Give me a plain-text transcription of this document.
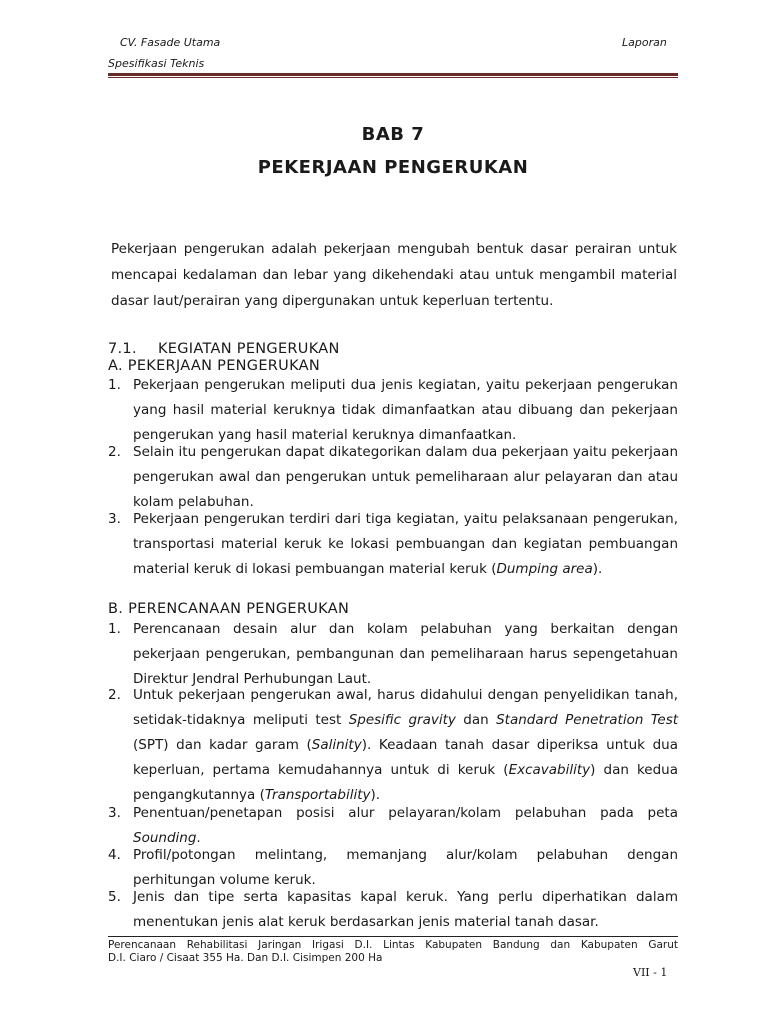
CV. Fasade Utama	Laporan
Spesifikasi Teknis
BAB 7
PEKERJAAN PENGERUKAN
Pekerjaan pengerukan adalah pekerjaan mengubah bentuk dasar perairan untuk mencapai kedalaman dan lebar yang dikehendaki atau untuk mengambil material dasar laut/perairan yang dipergunakan untuk keperluan tertentu.
7.1. KEGIATAN PENGERUKAN
A. PEKERJAAN PENGERUKAN
1. Pekerjaan pengerukan meliputi dua jenis kegiatan, yaitu pekerjaan pengerukan yang hasil material keruknya tidak dimanfaatkan atau dibuang dan pekerjaan pengerukan yang hasil material keruknya dimanfaatkan.
2. Selain itu pengerukan dapat dikategorikan dalam dua pekerjaan yaitu pekerjaan pengerukan awal dan pengerukan untuk pemeliharaan alur pelayaran dan atau kolam pelabuhan.
3. Pekerjaan pengerukan terdiri dari tiga kegiatan, yaitu pelaksanaan pengerukan, transportasi material keruk ke lokasi pembuangan dan kegiatan pembuangan material keruk di lokasi pembuangan material keruk (Dumping area).
B. PERENCANAAN PENGERUKAN
1. Perencanaan desain alur dan kolam pelabuhan yang berkaitan dengan pekerjaan pengerukan, pembangunan dan pemeliharaan harus sepengetahuan Direktur Jendral Perhubungan Laut.
2. Untuk pekerjaan pengerukan awal, harus didahului dengan penyelidikan tanah, setidak-tidaknya meliputi test Spesific gravity dan Standard Penetration Test (SPT) dan kadar garam (Salinity). Keadaan tanah dasar diperiksa untuk dua keperluan, pertama kemudahannya untuk di keruk (Excavability) dan kedua pengangkutannya (Transportability).
3. Penentuan/penetapan posisi alur pelayaran/kolam pelabuhan pada peta Sounding.
4. Profil/potongan melintang, memanjang alur/kolam pelabuhan dengan perhitungan volume keruk.
5. Jenis dan tipe serta kapasitas kapal keruk. Yang perlu diperhatikan dalam menentukan jenis alat keruk berdasarkan jenis material tanah dasar.
Perencanaan Rehabilitasi Jaringan Irigasi D.I. Lintas Kabupaten Bandung dan Kabupaten Garut
D.I. Ciaro / Cisaat 355 Ha. Dan D.I. Cisimpen 200 Ha
VII - 1
